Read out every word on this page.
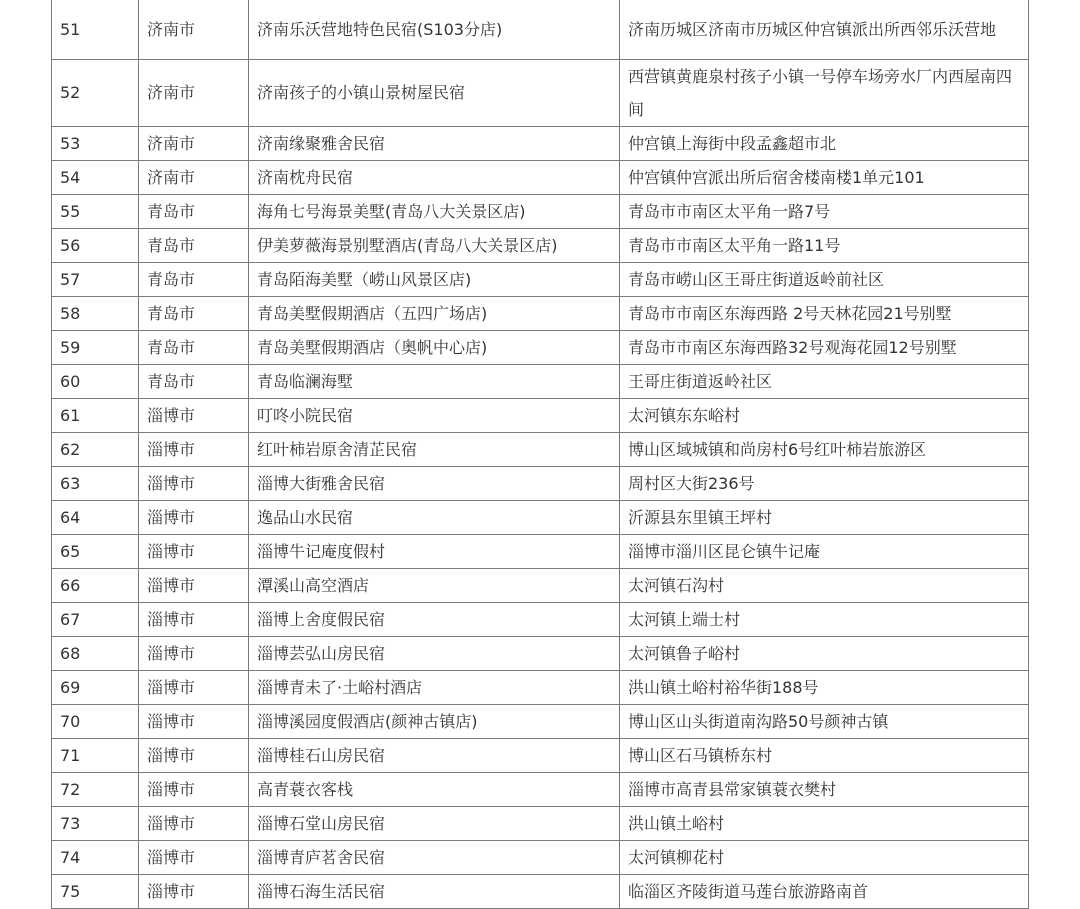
51	济南市	济南乐沃营地特色民宿(S103分店)	济南历城区济南市历城区仲宫镇派出所西邻乐沃营地
52	济南市	济南孩子的小镇山景树屋民宿	西营镇黄鹿泉村孩子小镇一号停车场旁水厂内西屋南四间
53	济南市	济南缘聚雅舍民宿	仲宫镇上海街中段孟鑫超市北
54	济南市	济南枕舟民宿	仲宫镇仲宫派出所后宿舍楼南楼1单元101
55	青岛市	海角七号海景美墅(青岛八大关景区店)	青岛市市南区太平角一路7号
56	青岛市	伊美萝薇海景别墅酒店(青岛八大关景区店)	青岛市市南区太平角一路11号
57	青岛市	青岛陌海美墅（崂山风景区店)	青岛市崂山区王哥庄街道返岭前社区
58	青岛市	青岛美墅假期酒店（五四广场店)	青岛市市南区东海西路 2号天林花园21号别墅
59	青岛市	青岛美墅假期酒店（奥帆中心店)	青岛市市南区东海西路32号观海花园12号别墅
60	青岛市	青岛临澜海墅	王哥庄街道返岭社区
61	淄博市	叮咚小院民宿	太河镇东东峪村
62	淄博市	红叶柿岩原舍清芷民宿	博山区域城镇和尚房村6号红叶柿岩旅游区
63	淄博市	淄博大街雅舍民宿	周村区大街236号
64	淄博市	逸品山水民宿	沂源县东里镇王坪村
65	淄博市	淄博牛记庵度假村	淄博市淄川区昆仑镇牛记庵
66	淄博市	潭溪山高空酒店	太河镇石沟村
67	淄博市	淄博上舍度假民宿	太河镇上端士村
68	淄博市	淄博芸弘山房民宿	太河镇鲁子峪村
69	淄博市	淄博青未了·土峪村酒店	洪山镇土峪村裕华街188号
70	淄博市	淄博溪园度假酒店(颜神古镇店)	博山区山头街道南沟路50号颜神古镇
71	淄博市	淄博桂石山房民宿	博山区石马镇桥东村
72	淄博市	高青蓑衣客栈	淄博市高青县常家镇蓑衣樊村
73	淄博市	淄博石堂山房民宿	洪山镇土峪村
74	淄博市	淄博青庐茗舍民宿	太河镇柳花村
75	淄博市	淄博石海生活民宿	临淄区齐陵街道马莲台旅游路南首
